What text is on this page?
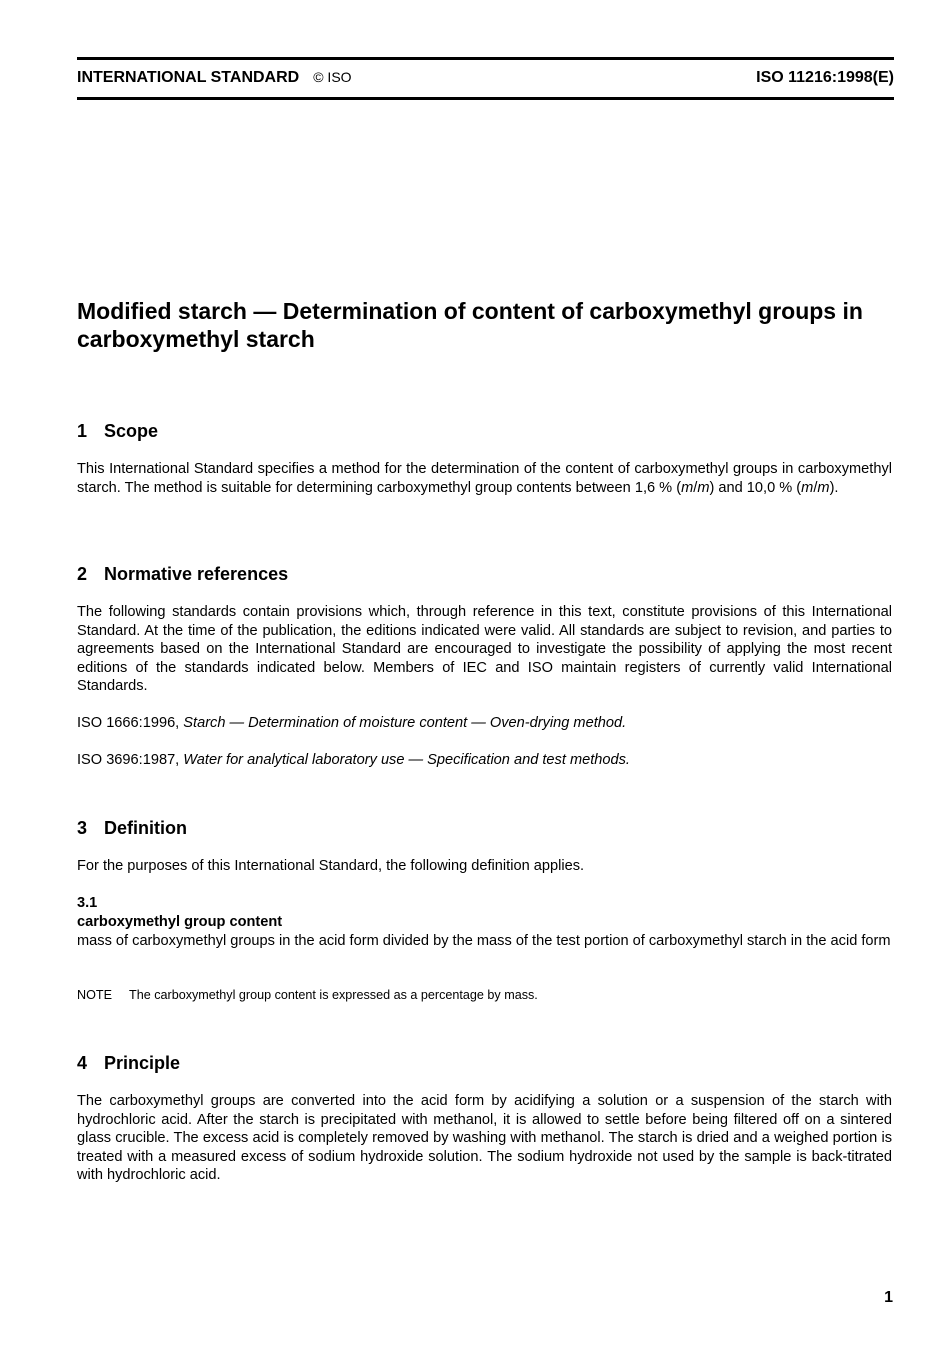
INTERNATIONAL STANDARD © ISO	ISO 11216:1998(E)
Modified starch — Determination of content of carboxymethyl groups in carboxymethyl starch
1 Scope

This International Standard specifies a method for the determination of the content of carboxymethyl groups in carboxymethyl starch. The method is suitable for determining carboxymethyl group contents between 1,6 % (m/m) and 10,0 % (m/m).

2 Normative references

The following standards contain provisions which, through reference in this text, constitute provisions of this International Standard. At the time of the publication, the editions indicated were valid. All standards are subject to revision, and parties to agreements based on the International Standard are encouraged to investigate the possibility of applying the most recent editions of the standards indicated below. Members of IEC and ISO maintain registers of currently valid International Standards.

ISO 1666:1996, Starch — Determination of moisture content — Oven-drying method.

ISO 3696:1987, Water for analytical laboratory use — Specification and test methods.

3 Definition

For the purposes of this International Standard, the following definition applies.

3.1
carboxymethyl group content

mass of carboxymethyl groups in the acid form divided by the mass of the test portion of carboxymethyl starch in the acid form

NOTE The carboxymethyl group content is expressed as a percentage by mass.
4 Principle

The carboxymethyl groups are converted into the acid form by acidifying a solution or a suspension of the starch with hydrochloric acid. After the starch is precipitated with methanol, it is allowed to settle before being filtered off on a sintered glass crucible. The excess acid is completely removed by washing with methanol. The starch is dried and a weighed portion is treated with a measured excess of sodium hydroxide solution. The sodium hydroxide not used by the sample is back-titrated with hydrochloric acid.

1
